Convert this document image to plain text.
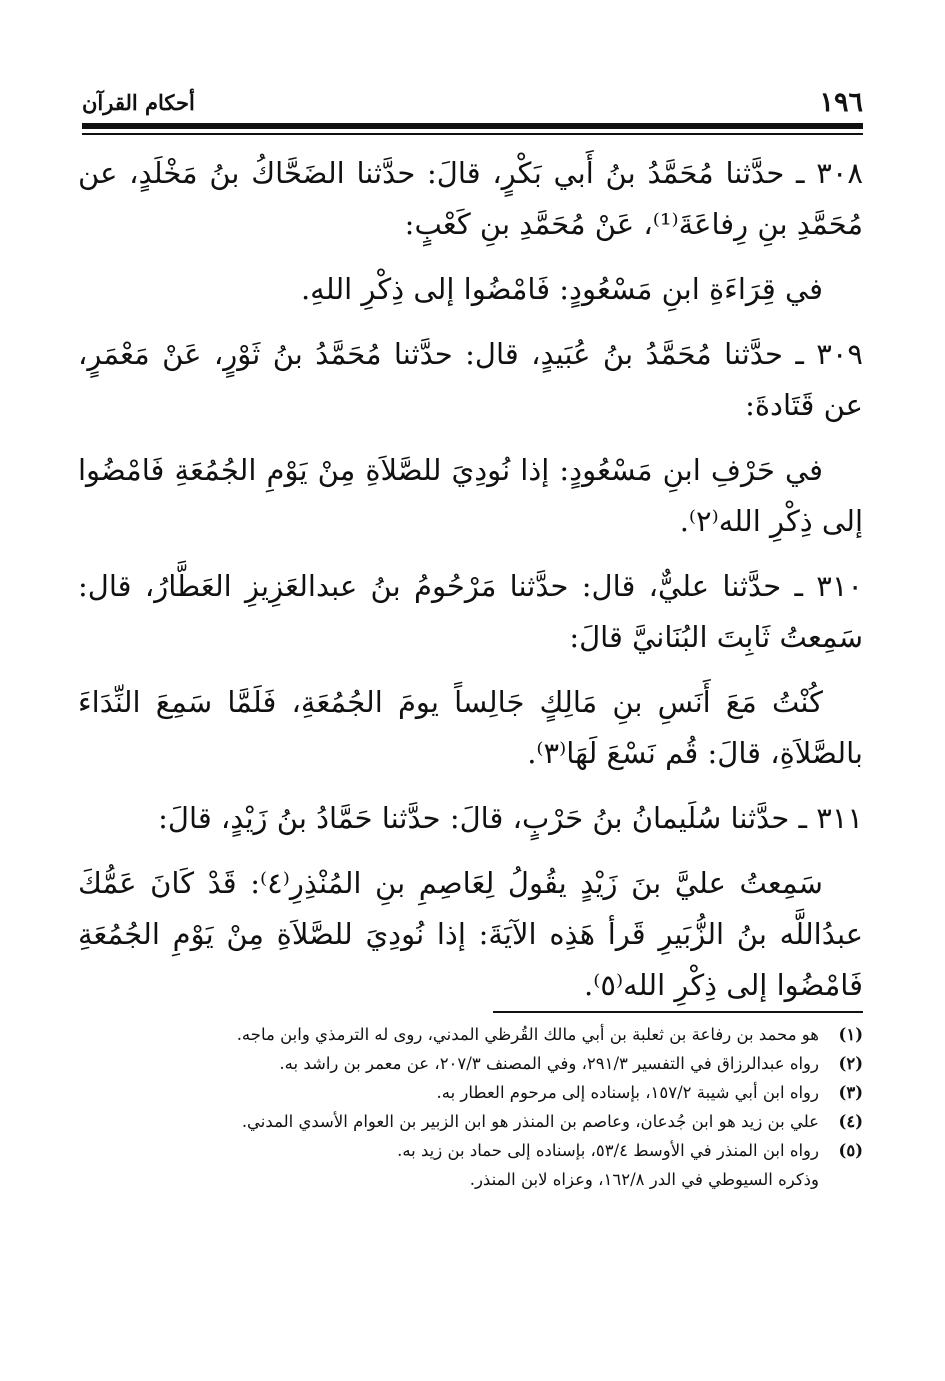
١٩٦
أحكام القرآن

٣٠٨ ـ حدَّثنا مُحَمَّدُ بنُ أَبي بَكْرٍ، قالَ: حدَّثنا الضَحَّاكُ بنُ مَخْلَدٍ، عن مُحَمَّدِ بنِ رِفاعَةَ⁽¹⁾، عَنْ مُحَمَّدِ بنِ كَعْبٍ:

في قِرَاءَةِ ابنِ مَسْعُودٍ: فَامْضُوا إلى ذِكْرِ اللهِ.

٣٠٩ ـ حدَّثنا مُحَمَّدُ بنُ عُبَيدٍ، قال: حدَّثنا مُحَمَّدُ بنُ ثَوْرٍ، عَنْ مَعْمَرٍ، عن قَتَادةَ:

في حَرْفِ ابنِ مَسْعُودٍ: إذا نُودِيَ للصَّلاَةِ مِنْ يَوْمِ الجُمُعَةِ فَامْضُوا إلى ذِكْرِ الله⁽٢⁾.

٣١٠ ـ حدَّثنا عليٌّ، قال: حدَّثنا مَرْحُومُ بنُ عبدالعَزِيزِ العَطَّارُ، قال: سَمِعتُ ثَابِتَ البُنَانيَّ قالَ:

كُنْتُ مَعَ أَنَسِ بنِ مَالِكٍ جَالِساً يومَ الجُمُعَةِ، فَلَمَّا سَمِعَ النِّدَاءَ بالصَّلاَةِ، قالَ: قُم نَسْعَ لَهَا⁽٣⁾.

٣١١ ـ حدَّثنا سُلَيمانُ بنُ حَرْبٍ، قالَ: حدَّثنا حَمَّادُ بنُ زَيْدٍ، قالَ:

سَمِعتُ عليَّ بنَ زَيْدٍ يقُولُ لِعَاصِمِ بنِ المُنْذِرِ⁽٤⁾: قَدْ كَانَ عَمُّكَ عبدُاللَّه بنُ الزُّبَيرِ قَرأ هَذِه الآيَةَ: إذا نُودِيَ للصَّلاَةِ مِنْ يَوْمِ الجُمُعَةِ فَامْضُوا إلى ذِكْرِ الله⁽٥⁾.

(١)
هو محمد بن رفاعة بن ثعلبة بن أبي مالك القُرظي المدني، روى له الترمذي وابن ماجه.
(٢)
رواه عبدالرزاق في التفسير ٢٩١/٣، وفي المصنف ٢٠٧/٣، عن معمر بن راشد به.
(٣)
رواه ابن أبي شيبة ١٥٧/٢، بإسناده إلى مرحوم العطار به.
(٤)
علي بن زيد هو ابن جُدعان، وعاصم بن المنذر هو ابن الزبير بن العوام الأسدي المدني.
(٥)
رواه ابن المنذر في الأوسط ٥٣/٤، بإسناده إلى حماد بن زيد به.
وذكره السيوطي في الدر ١٦٢/٨، وعزاه لابن المنذر.
